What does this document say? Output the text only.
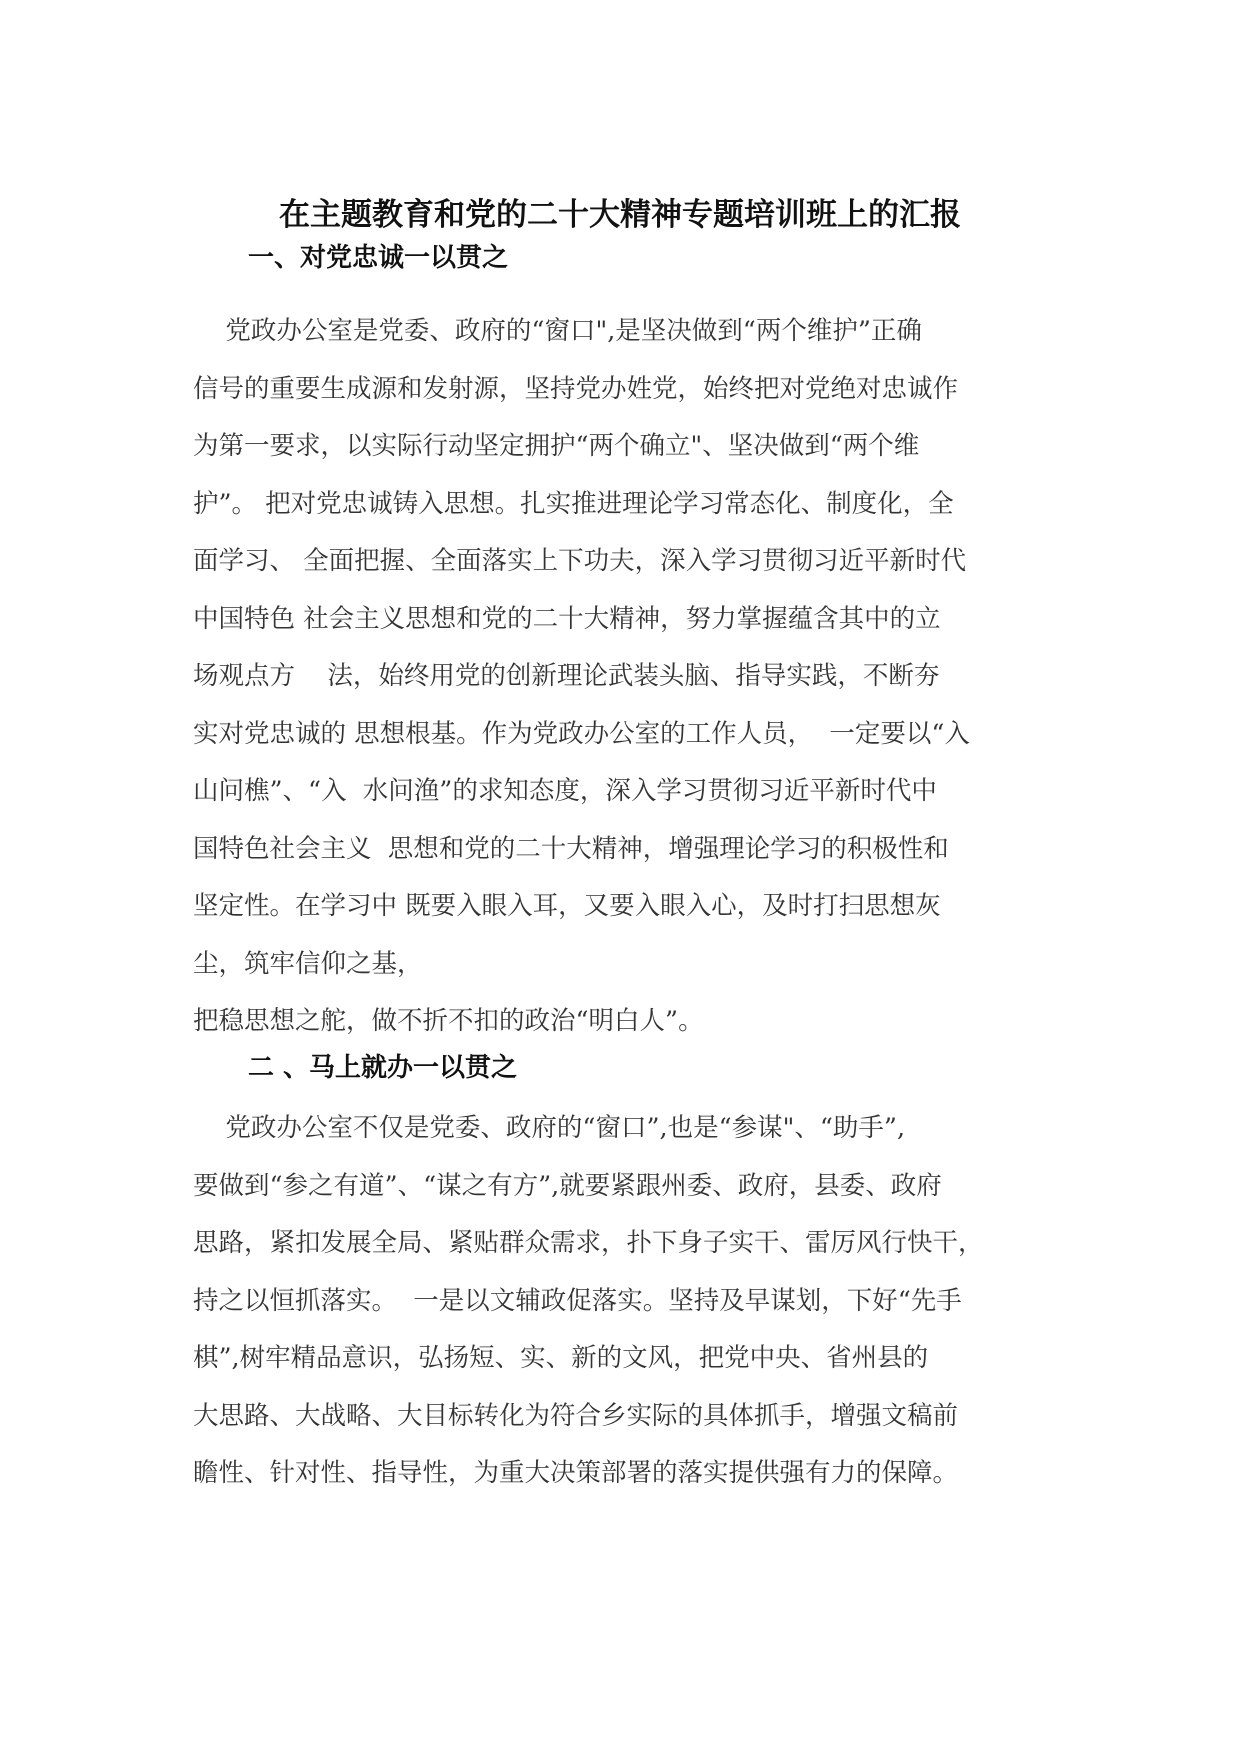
在主题教育和党的二十大精神专题培训班上的汇报
一、对党忠诚一以贯之
党政办公室是党委、政府的“窗口",是坚决做到“两个维护”正确
信号的重要生成源和发射源，坚持党办姓党，始终把对党绝对忠诚作
为第一要求，以实际行动坚定拥护“两个确立"、坚决做到“两个维
护”。 把对党忠诚铸入思想。扎实推进理论学习常态化、制度化，全
面学习、 全面把握、全面落实上下功夫，深入学习贯彻习近平新时代
中国特色 社会主义思想和党的二十大精神，努力掌握蕴含其中的立
场观点方    法，始终用党的创新理论武装头脑、指导实践，不断夯
实对党忠诚的 思想根基。作为党政办公室的工作人员，  一定要以“入
山问樵”、“入  水问渔”的求知态度，深入学习贯彻习近平新时代中
国特色社会主义  思想和党的二十大精神，增强理论学习的积极性和
坚定性。在学习中 既要入眼入耳，又要入眼入心，及时打扫思想灰
尘，筑牢信仰之基，
把稳思想之舵，做不折不扣的政治“明白人”。
二 、马上就办一以贯之
党政办公室不仅是党委、政府的“窗口”,也是“参谋"、“助手”,
要做到“参之有道”、“谋之有方”,就要紧跟州委、政府，县委、政府
思路，紧扣发展全局、紧贴群众需求，扑下身子实干、雷厉风行快干，
持之以恒抓落实。  一是以文辅政促落实。坚持及早谋划，下好“先手
棋”,树牢精品意识，弘扬短、实、新的文风，把党中央、省州县的
大思路、大战略、大目标转化为符合乡实际的具体抓手，增强文稿前
瞻性、针对性、指导性，为重大决策部署的落实提供强有力的保障。
